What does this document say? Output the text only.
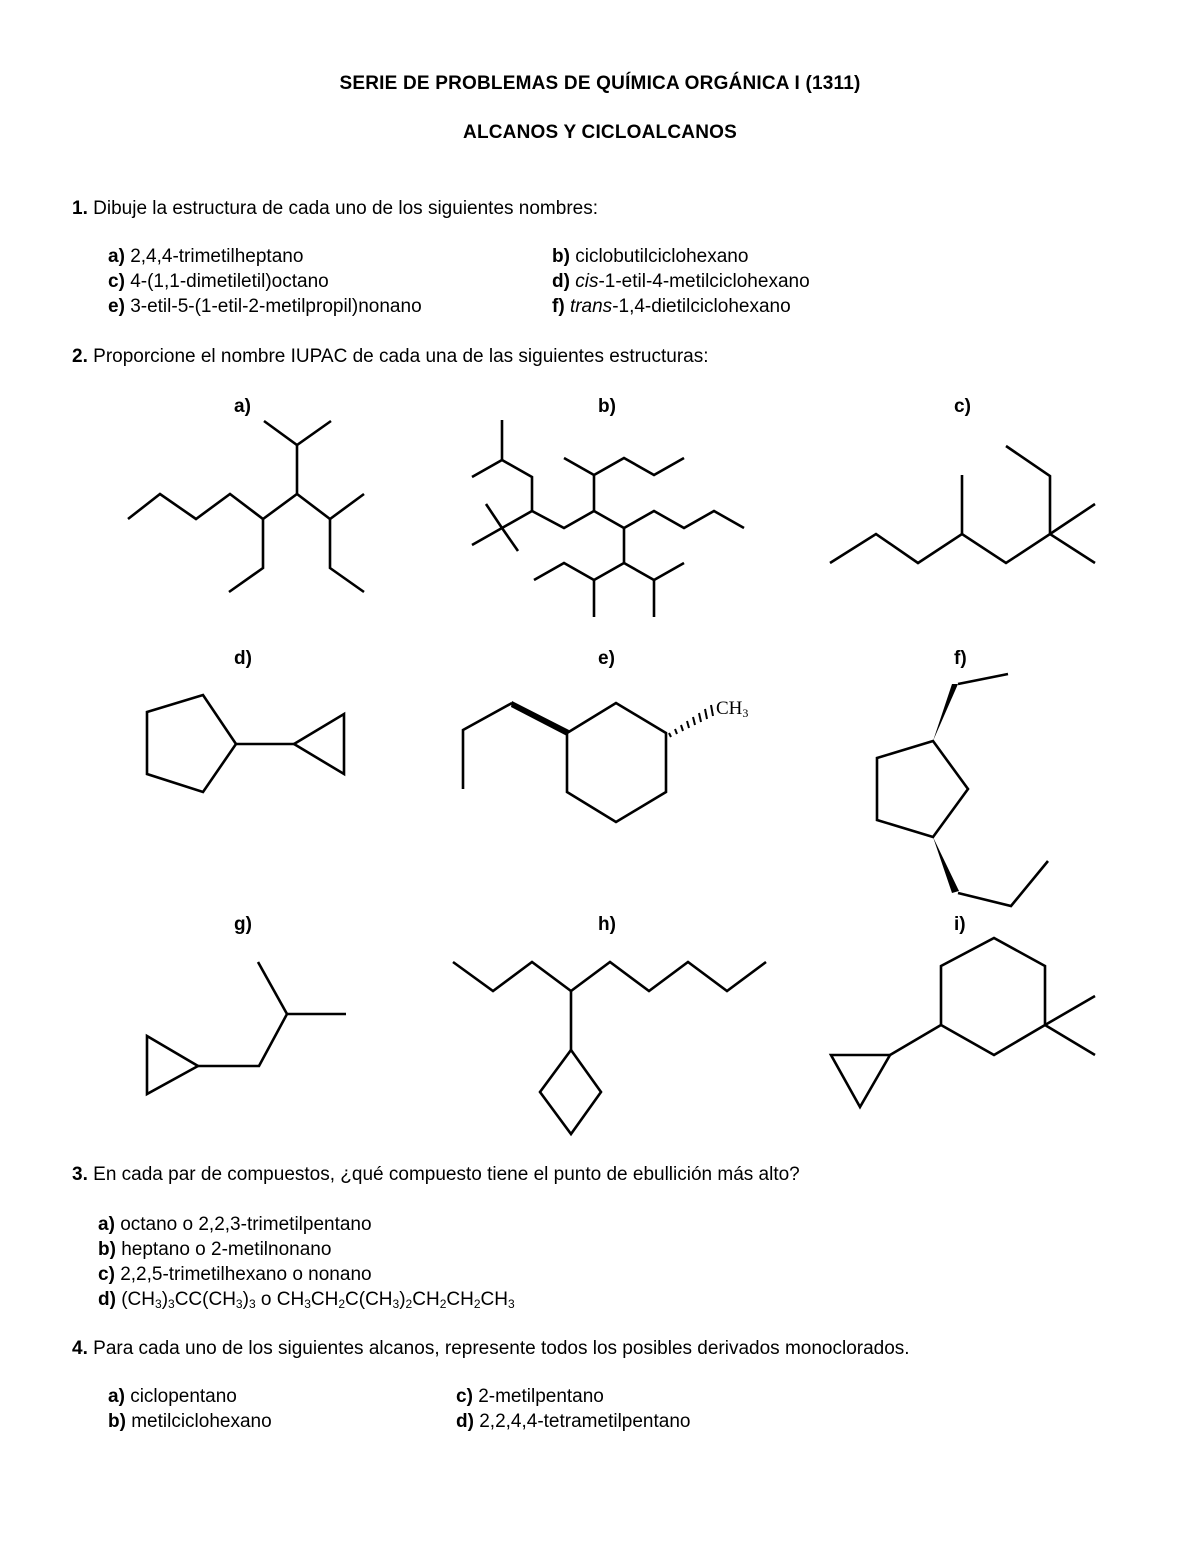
SERIE DE PROBLEMAS DE QUÍMICA ORGÁNICA I (1311)
ALCANOS Y CICLOALCANOS
1. Dibuje la estructura de cada uno de los siguientes nombres:
a) 2,4,4-trimetilheptano	b) ciclobutilciclohexano
c) 4-(1,1-dimetiletil)octano	d) cis-1-etil-4-metilciclohexano
e) 3-etil-5-(1-etil-2-metilpropil)nonano	f) trans-1,4-dietilciclohexano
2. Proporcione el nombre IUPAC de cada una de las siguientes estructuras:
a)	b)	c)
d)	e)	f)
g)	h)	i)
$CH_3$
3. En cada par de compuestos, ¿qué compuesto tiene el punto de ebullición más alto?
a) octano o 2,2,3-trimetilpentano
b) heptano o 2-metilnonano
c) 2,2,5-trimetilhexano o nonano
d) $(CH_3)_3CC(CH_3)_3$ o $CH_3CH_2C(CH_3)_2CH_2CH_2CH_3$
4. Para cada uno de los siguientes alcanos, represente todos los posibles derivados monoclorados.
a) ciclopentano	c) 2-metilpentano
b) metilciclohexano	d) 2,2,4,4-tetrametilpentano
